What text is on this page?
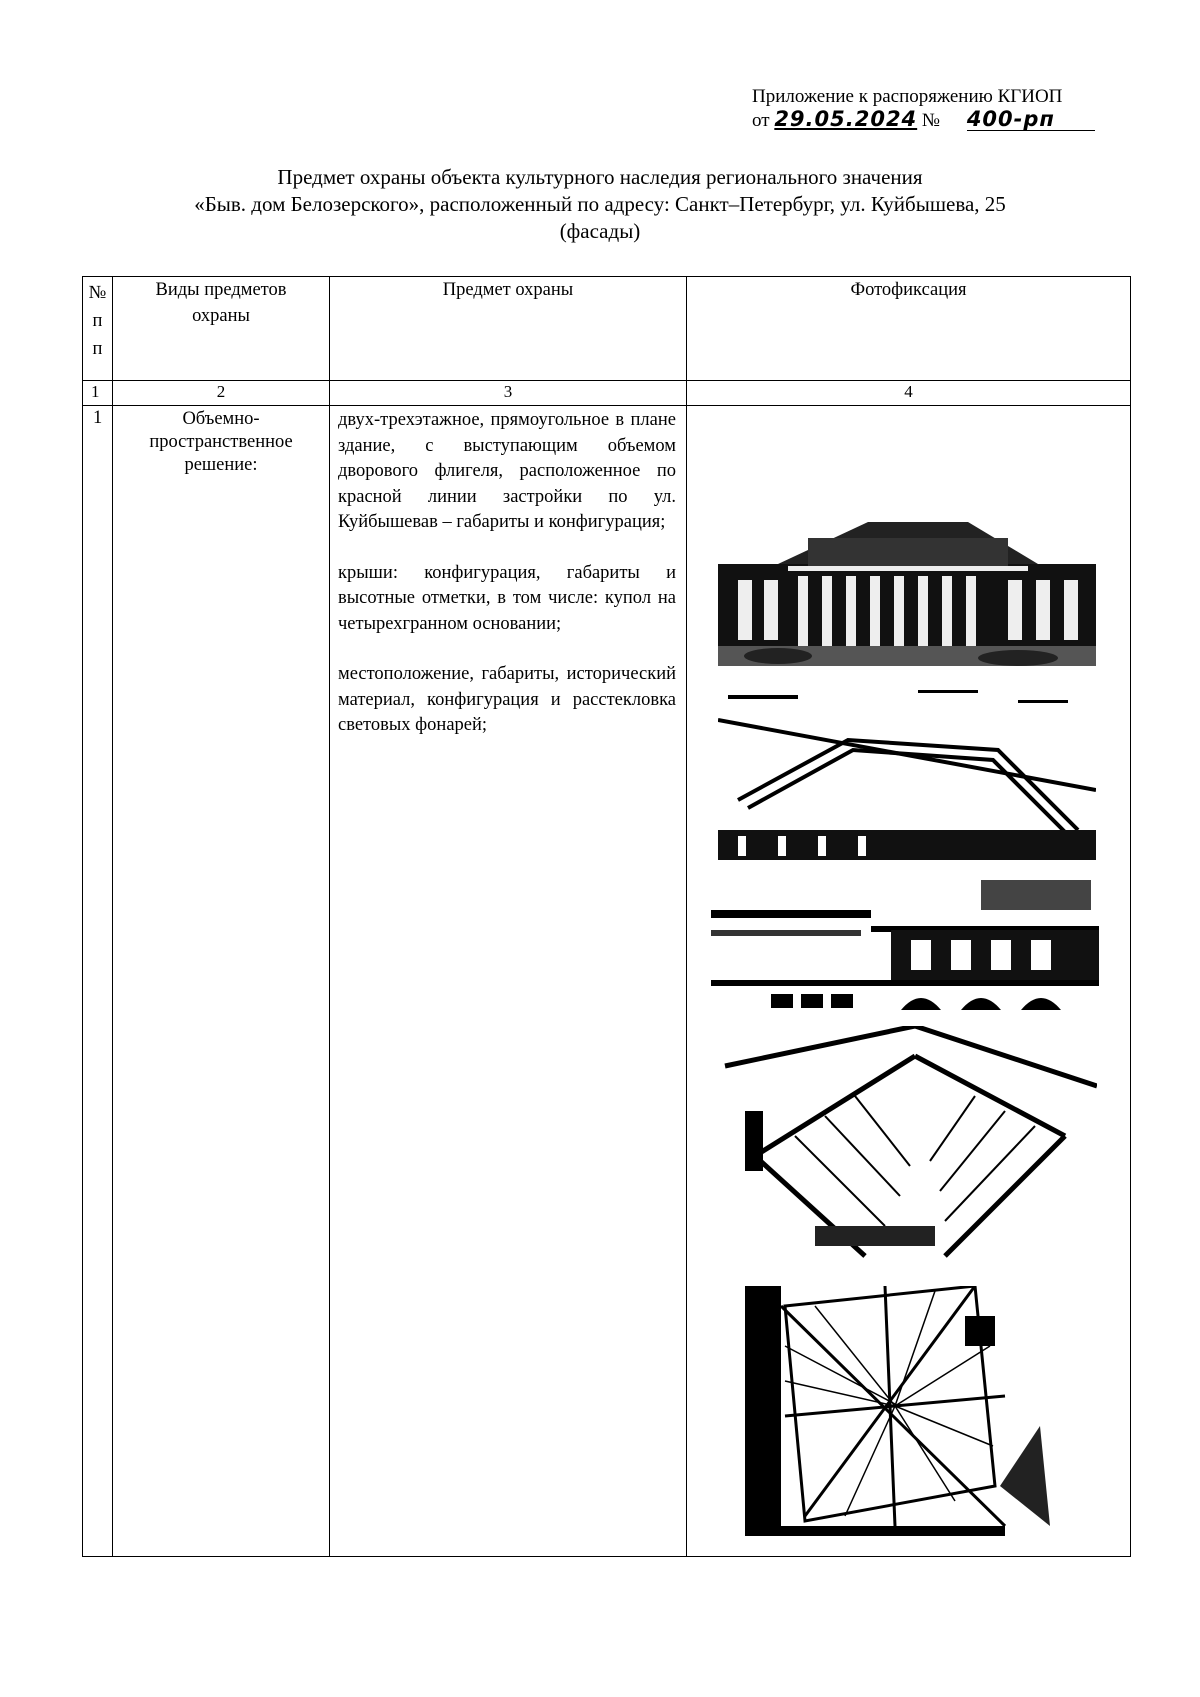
Приложение к распоряжению КГИОП
от 29.05.2024 № 400-рп
Предмет охраны объекта культурного наследия регионального значения
«Быв. дом Белозерского», расположенный по адресу: Санкт–Петербург, ул. Куйбышева, 25
(фасады)
№
п
п	Виды предметов охраны	Предмет охраны	Фотофиксация
1	2	3	4
1	Объемно-пространственное решение:	двух-трехэтажное, прямоугольное в плане здание, с выступающим объемом дворового флигеля, расположенное по красной линии застройки по ул. Куйбышевав – габариты и конфигурация;

крыши: конфигурация, габариты и высотные отметки, в том числе: купол на четырехгранном основании;

местоположение, габариты, исторический материал, конфигурация и расстекловка световых фонарей;
